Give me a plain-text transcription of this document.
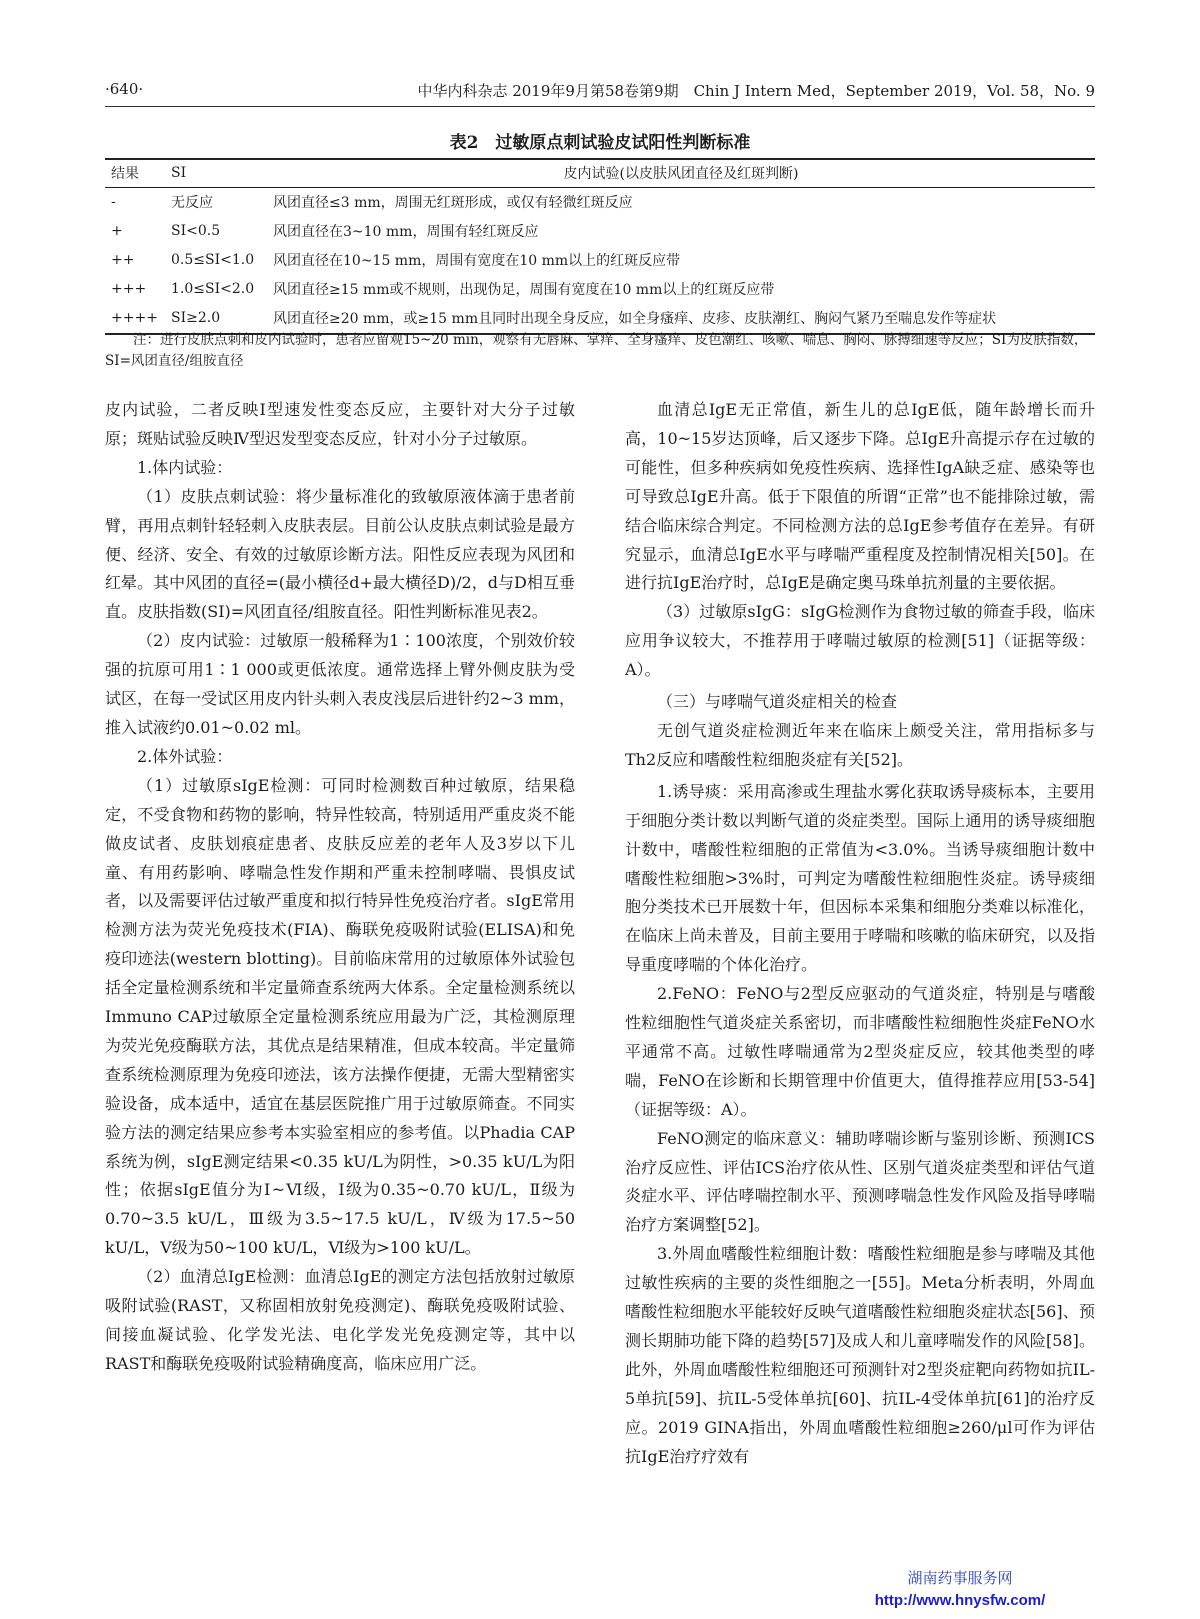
·640·	中华内科杂志 2019年9月第58卷第9期　Chin J Intern Med，September 2019，Vol. 58，No. 9
表2　过敏原点刺试验皮试阳性判断标准
结果	SI	皮内试验(以皮肤风团直径及红斑判断)
-	无反应	风团直径≤3 mm，周围无红斑形成，或仅有轻微红斑反应
+	SI<0.5	风团直径在3~10 mm，周围有轻红斑反应
++	0.5≤SI<1.0	风团直径在10~15 mm，周围有宽度在10 mm以上的红斑反应带
+++	1.0≤SI<2.0	风团直径≥15 mm或不规则，出现伪足，周围有宽度在10 mm以上的红斑反应带
++++	SI≥2.0	风团直径≥20 mm，或≥15 mm且同时出现全身反应，如全身瘙痒、皮疹、皮肤潮红、胸闷气紧乃至喘息发作等症状
注：进行皮肤点刺和皮内试验时，患者应留观15~20 min，观察有无唇麻、掌痒、全身瘙痒、皮色潮红、咳嗽、喘息、胸闷、脉搏细速等反应；SI为皮肤指数，SI=风团直径/组胺直径

皮内试验，二者反映Ⅰ型速发性变态反应，主要针对大分子过敏原；斑贴试验反映Ⅳ型迟发型变态反应，针对小分子过敏原。

1.体内试验：

（1）皮肤点刺试验：将少量标准化的致敏原液体滴于患者前臂，再用点刺针轻轻刺入皮肤表层。目前公认皮肤点刺试验是最方便、经济、安全、有效的过敏原诊断方法。阳性反应表现为风团和红晕。其中风团的直径=(最小横径d+最大横径D)/2，d与D相互垂直。皮肤指数(SI)=风团直径/组胺直径。阳性判断标准见表2。

（2）皮内试验：过敏原一般稀释为1∶100浓度，个别效价较强的抗原可用1∶1 000或更低浓度。通常选择上臂外侧皮肤为受试区，在每一受试区用皮内针头刺入表皮浅层后进针约2~3 mm，推入试液约0.01~0.02 ml。

2.体外试验：

（1）过敏原sIgE检测：可同时检测数百种过敏原，结果稳定，不受食物和药物的影响，特异性较高，特别适用严重皮炎不能做皮试者、皮肤划痕症患者、皮肤反应差的老年人及3岁以下儿童、有用药影响、哮喘急性发作期和严重未控制哮喘、畏惧皮试者，以及需要评估过敏严重度和拟行特异性免疫治疗者。sIgE常用检测方法为荧光免疫技术(FIA)、酶联免疫吸附试验(ELISA)和免疫印迹法(western blotting)。目前临床常用的过敏原体外试验包括全定量检测系统和半定量筛查系统两大体系。全定量检测系统以Immuno CAP过敏原全定量检测系统应用最为广泛，其检测原理为荧光免疫酶联方法，其优点是结果精准，但成本较高。半定量筛查系统检测原理为免疫印迹法，该方法操作便捷，无需大型精密实验设备，成本适中，适宜在基层医院推广用于过敏原筛查。不同实验方法的测定结果应参考本实验室相应的参考值。以Phadia CAP系统为例，sIgE测定结果<0.35 kU/L为阴性，>0.35 kU/L为阳性；依据sIgE值分为Ⅰ~Ⅵ级，Ⅰ级为0.35~0.70 kU/L，Ⅱ级为0.70~3.5 kU/L，Ⅲ级为3.5~17.5 kU/L，Ⅳ级为17.5~50 kU/L，Ⅴ级为50~100 kU/L，Ⅵ级为>100 kU/L。

（2）血清总IgE检测：血清总IgE的测定方法包括放射过敏原吸附试验(RAST，又称固相放射免疫测定)、酶联免疫吸附试验、间接血凝试验、化学发光法、电化学发光免疫测定等，其中以RAST和酶联免疫吸附试验精确度高，临床应用广泛。

血清总IgE无正常值，新生儿的总IgE低，随年龄增长而升高，10~15岁达顶峰，后又逐步下降。总IgE升高提示存在过敏的可能性，但多种疾病如免疫性疾病、选择性IgA缺乏症、感染等也可导致总IgE升高。低于下限值的所谓“正常”也不能排除过敏，需结合临床综合判定。不同检测方法的总IgE参考值存在差异。有研究显示，血清总IgE水平与哮喘严重程度及控制情况相关[50]。在进行抗IgE治疗时，总IgE是确定奥马珠单抗剂量的主要依据。

（3）过敏原sIgG：sIgG检测作为食物过敏的筛查手段，临床应用争议较大，不推荐用于哮喘过敏原的检测[51]（证据等级：A）。

（三）与哮喘气道炎症相关的检查

无创气道炎症检测近年来在临床上颇受关注，常用指标多与Th2反应和嗜酸性粒细胞炎症有关[52]。

1.诱导痰：采用高渗或生理盐水雾化获取诱导痰标本，主要用于细胞分类计数以判断气道的炎症类型。国际上通用的诱导痰细胞计数中，嗜酸性粒细胞的正常值为<3.0%。当诱导痰细胞计数中嗜酸性粒细胞>3%时，可判定为嗜酸性粒细胞性炎症。诱导痰细胞分类技术已开展数十年，但因标本采集和细胞分类难以标准化，在临床上尚未普及，目前主要用于哮喘和咳嗽的临床研究，以及指导重度哮喘的个体化治疗。

2.FeNO：FeNO与2型反应驱动的气道炎症，特别是与嗜酸性粒细胞性气道炎症关系密切，而非嗜酸性粒细胞性炎症FeNO水平通常不高。过敏性哮喘通常为2型炎症反应，较其他类型的哮喘，FeNO在诊断和长期管理中价值更大，值得推荐应用[53-54]（证据等级：A）。

FeNO测定的临床意义：辅助哮喘诊断与鉴别诊断、预测ICS治疗反应性、评估ICS治疗依从性、区别气道炎症类型和评估气道炎症水平、评估哮喘控制水平、预测哮喘急性发作风险及指导哮喘治疗方案调整[52]。

3.外周血嗜酸性粒细胞计数：嗜酸性粒细胞是参与哮喘及其他过敏性疾病的主要的炎性细胞之一[55]。Meta分析表明，外周血嗜酸性粒细胞水平能较好反映气道嗜酸性粒细胞炎症状态[56]、预测长期肺功能下降的趋势[57]及成人和儿童哮喘发作的风险[58]。此外，外周血嗜酸性粒细胞还可预测针对2型炎症靶向药物如抗IL-5单抗[59]、抗IL-5受体单抗[60]、抗IL-4受体单抗[61]的治疗反应。2019 GINA指出，外周血嗜酸性粒细胞≥260/μl可作为评估抗IgE治疗疗效有

湖南药事服务网
http://www.hnysfw.com/
